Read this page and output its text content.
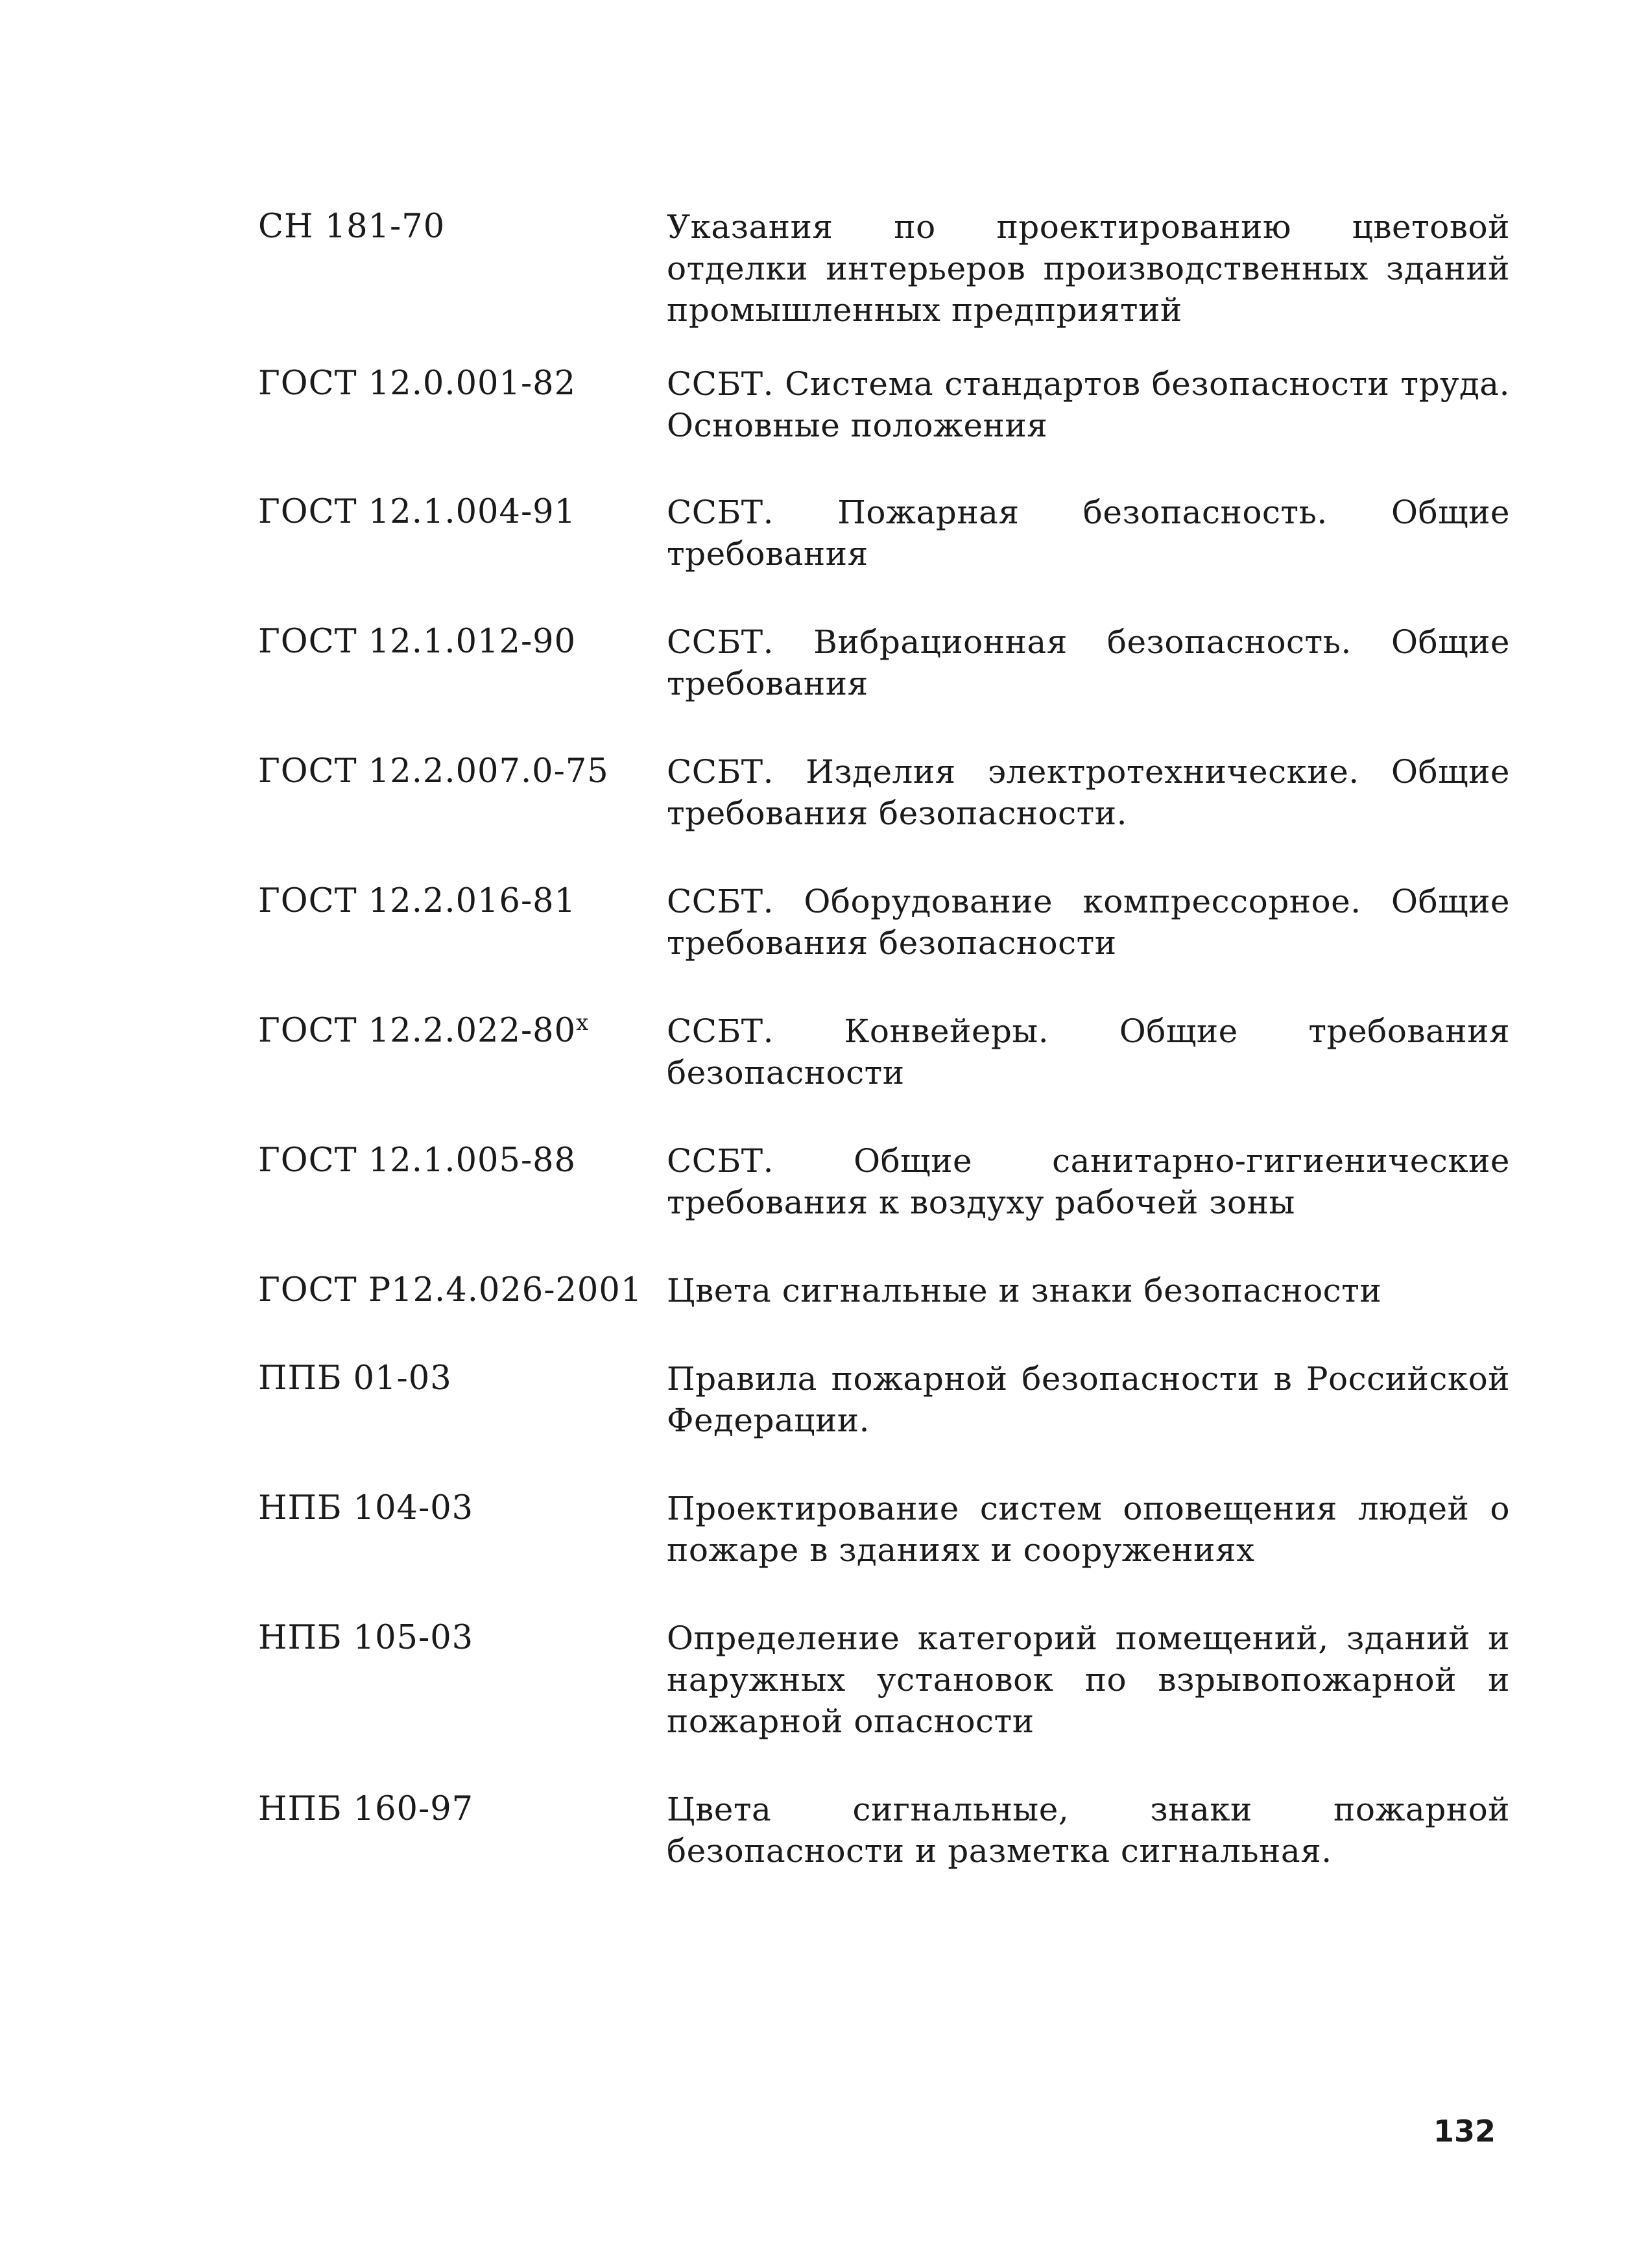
СН 181-70	Указания по проектированию цветовой отделки интерьеров производственных зданий промышленных предприятий
ГОСТ 12.0.001-82	ССБТ. Система стандартов безопасности труда. Основные положения
ГОСТ 12.1.004-91	ССБТ. Пожарная безопасность. Общие требования
ГОСТ 12.1.012-90	ССБТ. Вибрационная безопасность. Общие требования
ГОСТ 12.2.007.0-75	ССБТ. Изделия электротехнические. Общие требования безопасности.
ГОСТ 12.2.016-81	ССБТ. Оборудование компрессорное. Общие требования безопасности
ГОСТ 12.2.022-80$^x$	ССБТ. Конвейеры. Общие требования безопасности
ГОСТ 12.1.005-88	ССБТ. Общие санитарно-гигиенические требования к воздуху рабочей зоны
ГОСТ Р12.4.026-2001 Цвета сигнальные и знаки безопасности
ППБ 01-03	Правила пожарной безопасности в Российской Федерации.
НПБ 104-03	Проектирование систем оповещения людей о пожаре в зданиях и сооружениях
НПБ 105-03	Определение категорий помещений, зданий и наружных установок по взрывопожарной и пожарной опасности
НПБ 160-97	Цвета сигнальные, знаки пожарной безопасности и разметка сигнальная.
132
